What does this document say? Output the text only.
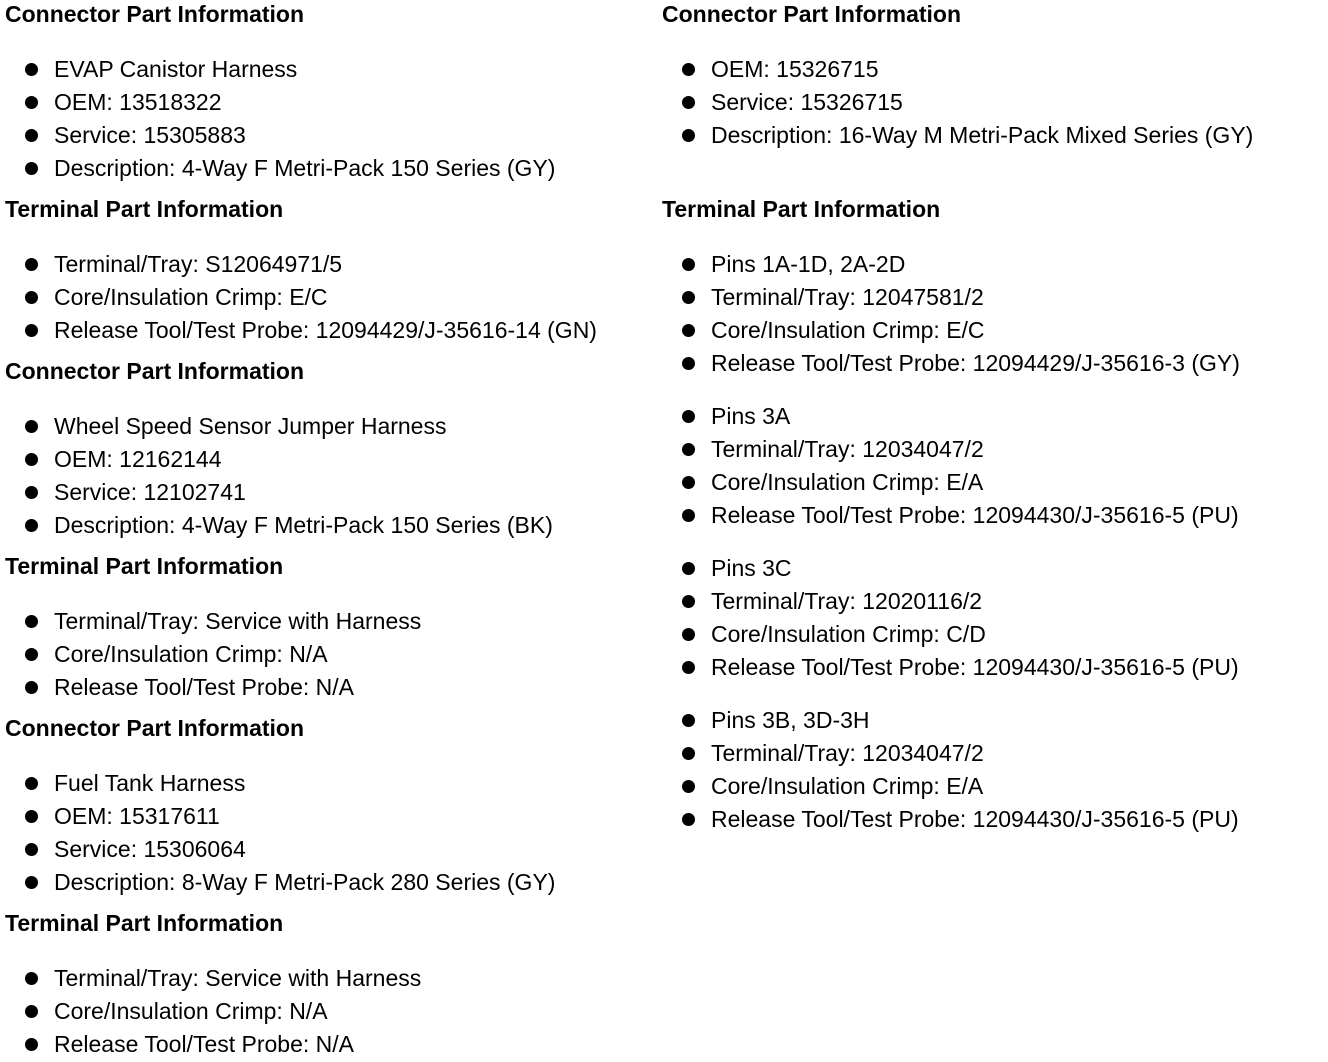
Connector Part Information
EVAP Canistor Harness
OEM: 13518322
Service: 15305883
Description: 4-Way F Metri-Pack 150 Series (GY)
Terminal Part Information
Terminal/Tray: S12064971/5
Core/Insulation Crimp: E/C
Release Tool/Test Probe: 12094429/J-35616-14 (GN)
Connector Part Information
Wheel Speed Sensor Jumper Harness
OEM: 12162144
Service: 12102741
Description: 4-Way F Metri-Pack 150 Series (BK)
Terminal Part Information
Terminal/Tray: Service with Harness
Core/Insulation Crimp: N/A
Release Tool/Test Probe: N/A
Connector Part Information
Fuel Tank Harness
OEM: 15317611
Service: 15306064
Description: 8-Way F Metri-Pack 280 Series (GY)
Terminal Part Information
Terminal/Tray: Service with Harness
Core/Insulation Crimp: N/A
Release Tool/Test Probe: N/A
Connector Part Information
OEM: 15326715
Service: 15326715
Description: 16-Way M Metri-Pack Mixed Series (GY)
Terminal Part Information
Pins 1A-1D, 2A-2D
Terminal/Tray: 12047581/2
Core/Insulation Crimp: E/C
Release Tool/Test Probe: 12094429/J-35616-3 (GY)
Pins 3A
Terminal/Tray: 12034047/2
Core/Insulation Crimp: E/A
Release Tool/Test Probe: 12094430/J-35616-5 (PU)
Pins 3C
Terminal/Tray: 12020116/2
Core/Insulation Crimp: C/D
Release Tool/Test Probe: 12094430/J-35616-5 (PU)
Pins 3B, 3D-3H
Terminal/Tray: 12034047/2
Core/Insulation Crimp: E/A
Release Tool/Test Probe: 12094430/J-35616-5 (PU)
